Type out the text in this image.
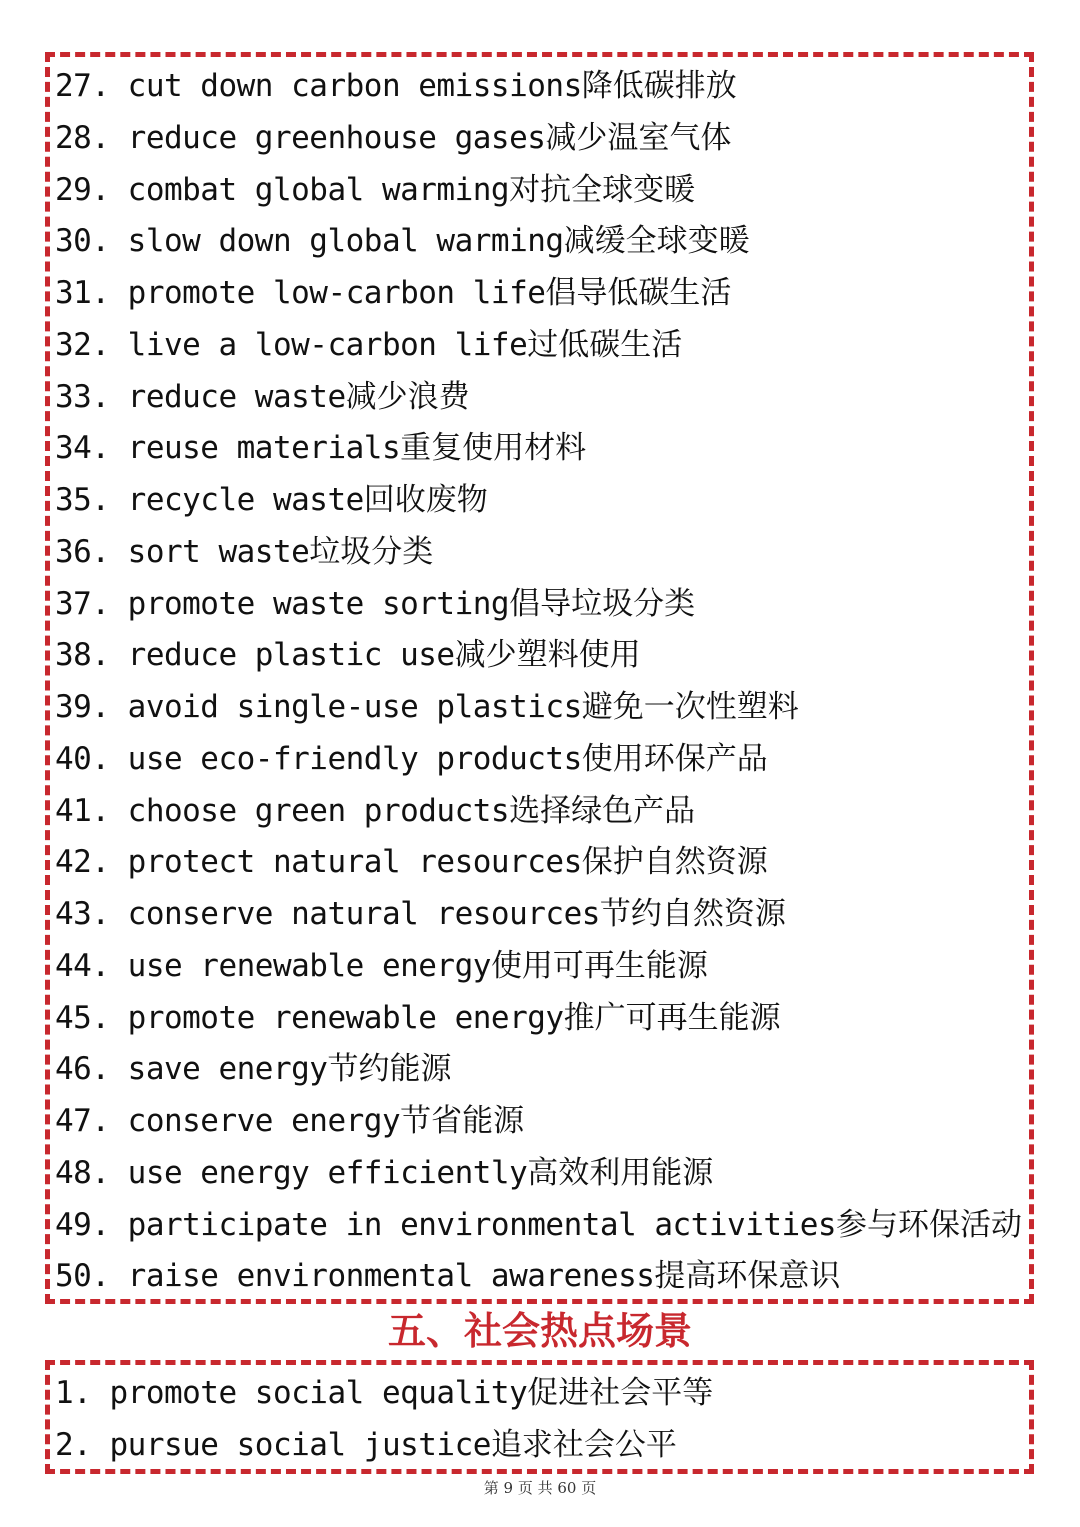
27. cut down carbon emissions降低碳排放
28. reduce greenhouse gases减少温室气体
29. combat global warming对抗全球变暖
30. slow down global warming减缓全球变暖
31. promote low-carbon life倡导低碳生活
32. live a low-carbon life过低碳生活
33. reduce waste减少浪费
34. reuse materials重复使用材料
35. recycle waste回收废物
36. sort waste垃圾分类
37. promote waste sorting倡导垃圾分类
38. reduce plastic use减少塑料使用
39. avoid single-use plastics避免一次性塑料
40. use eco-friendly products使用环保产品
41. choose green products选择绿色产品
42. protect natural resources保护自然资源
43. conserve natural resources节约自然资源
44. use renewable energy使用可再生能源
45. promote renewable energy推广可再生能源
46. save energy节约能源
47. conserve energy节省能源
48. use energy efficiently高效利用能源
49. participate in environmental activities参与环保活动
50. raise environmental awareness提高环保意识
五、社会热点场景
1. promote social equality促进社会平等
2. pursue social justice追求社会公平
第 9 页 共 60 页
